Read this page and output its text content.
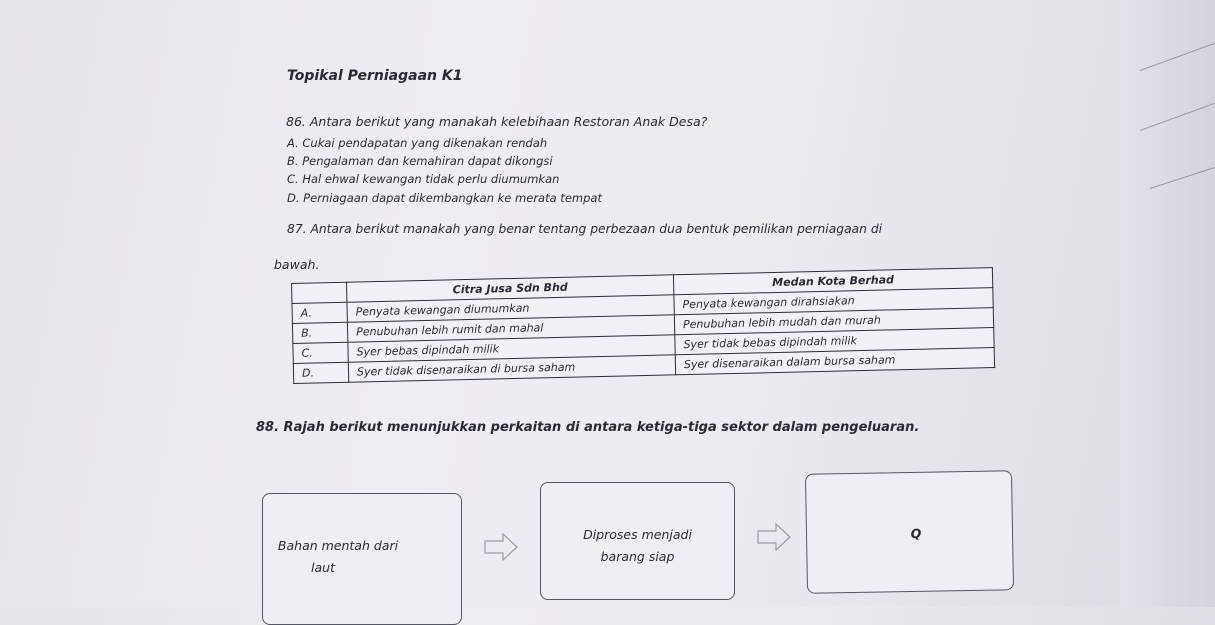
Topikal Perniagaan K1
86. Antara berikut yang manakah kelebihaan Restoran Anak Desa?
A. Cukai pendapatan yang dikenakan rendah
B. Pengalaman dan kemahiran dapat dikongsi
C. Hal ehwal kewangan tidak perlu diumumkan
D. Perniagaan dapat dikembangkan ke merata tempat
87. Antara berikut manakah yang benar tentang perbezaan dua bentuk pemilikan perniagaan di
bawah.
	Citra Jusa Sdn Bhd	Medan Kota Berhad
A.	Penyata kewangan diumumkan	Penyata kewangan dirahsiakan
B.	Penubuhan lebih rumit dan mahal	Penubuhan lebih mudah dan murah
C.	Syer bebas dipindah milik	Syer tidak bebas dipindah milik
D.	Syer tidak disenaraikan di bursa saham	Syer disenaraikan dalam bursa saham
88. Rajah berikut menunjukkan perkaitan di antara ketiga-tiga sektor dalam pengeluaran.
Bahan mentah dari
laut
Diproses menjadi
barang siap
Q
